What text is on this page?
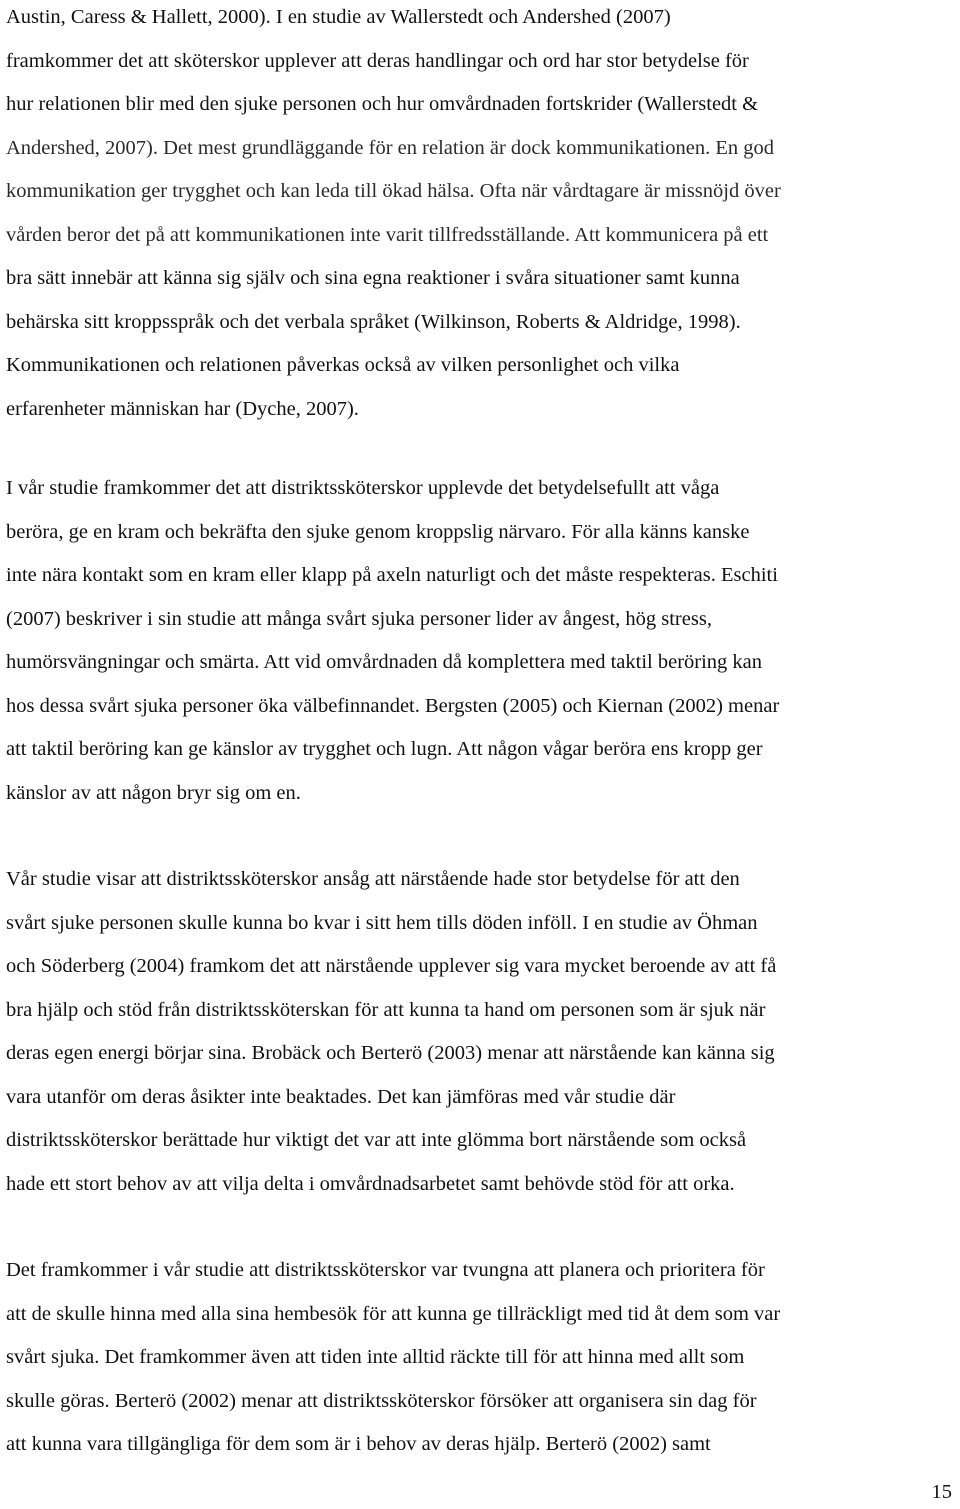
Austin, Caress & Hallett, 2000). I en studie av Wallerstedt och Andershed (2007)
framkommer det att sköterskor upplever att deras handlingar och ord har stor betydelse för
hur relationen blir med den sjuke personen och hur omvårdnaden fortskrider (Wallerstedt &
Andershed, 2007). Det mest grundläggande för en relation är dock kommunikationen. En god
kommunikation ger trygghet och kan leda till ökad hälsa. Ofta när vårdtagare är missnöjd över
vården beror det på att kommunikationen inte varit tillfredsställande. Att kommunicera på ett
bra sätt innebär att känna sig själv och sina egna reaktioner i svåra situationer samt kunna
behärska sitt kroppsspråk och det verbala språket (Wilkinson, Roberts & Aldridge, 1998).
Kommunikationen och relationen påverkas också av vilken personlighet och vilka
erfarenheter människan har (Dyche, 2007).
I vår studie framkommer det att distriktssköterskor upplevde det betydelsefullt att våga
beröra, ge en kram och bekräfta den sjuke genom kroppslig närvaro. För alla känns kanske
inte nära kontakt som en kram eller klapp på axeln naturligt och det måste respekteras. Eschiti
(2007) beskriver i sin studie att många svårt sjuka personer lider av ångest, hög stress,
humörsvängningar och smärta. Att vid omvårdnaden då komplettera med taktil beröring kan
hos dessa svårt sjuka personer öka välbefinnandet. Bergsten (2005) och Kiernan (2002) menar
att taktil beröring kan ge känslor av trygghet och lugn. Att någon vågar beröra ens kropp ger
känslor av att någon bryr sig om en.
Vår studie visar att distriktssköterskor ansåg att närstående hade stor betydelse för att den
svårt sjuke personen skulle kunna bo kvar i sitt hem tills döden inföll. I en studie av Öhman
och Söderberg (2004) framkom det att närstående upplever sig vara mycket beroende av att få
bra hjälp och stöd från distriktssköterskan för att kunna ta hand om personen som är sjuk när
deras egen energi börjar sina. Brobäck och Berterö (2003) menar att närstående kan känna sig
vara utanför om deras åsikter inte beaktades. Det kan jämföras med vår studie där
distriktssköterskor berättade hur viktigt det var att inte glömma bort närstående som också
hade ett stort behov av att vilja delta i omvårdnadsarbetet samt behövde stöd för att orka.
Det framkommer i vår studie att distriktssköterskor var tvungna att planera och prioritera för
att de skulle hinna med alla sina hembesök för att kunna ge tillräckligt med tid åt dem som var
svårt sjuka. Det framkommer även att tiden inte alltid räckte till för att hinna med allt som
skulle göras. Berterö (2002) menar att distriktssköterskor försöker att organisera sin dag för
att kunna vara tillgängliga för dem som är i behov av deras hjälp. Berterö (2002) samt
15
